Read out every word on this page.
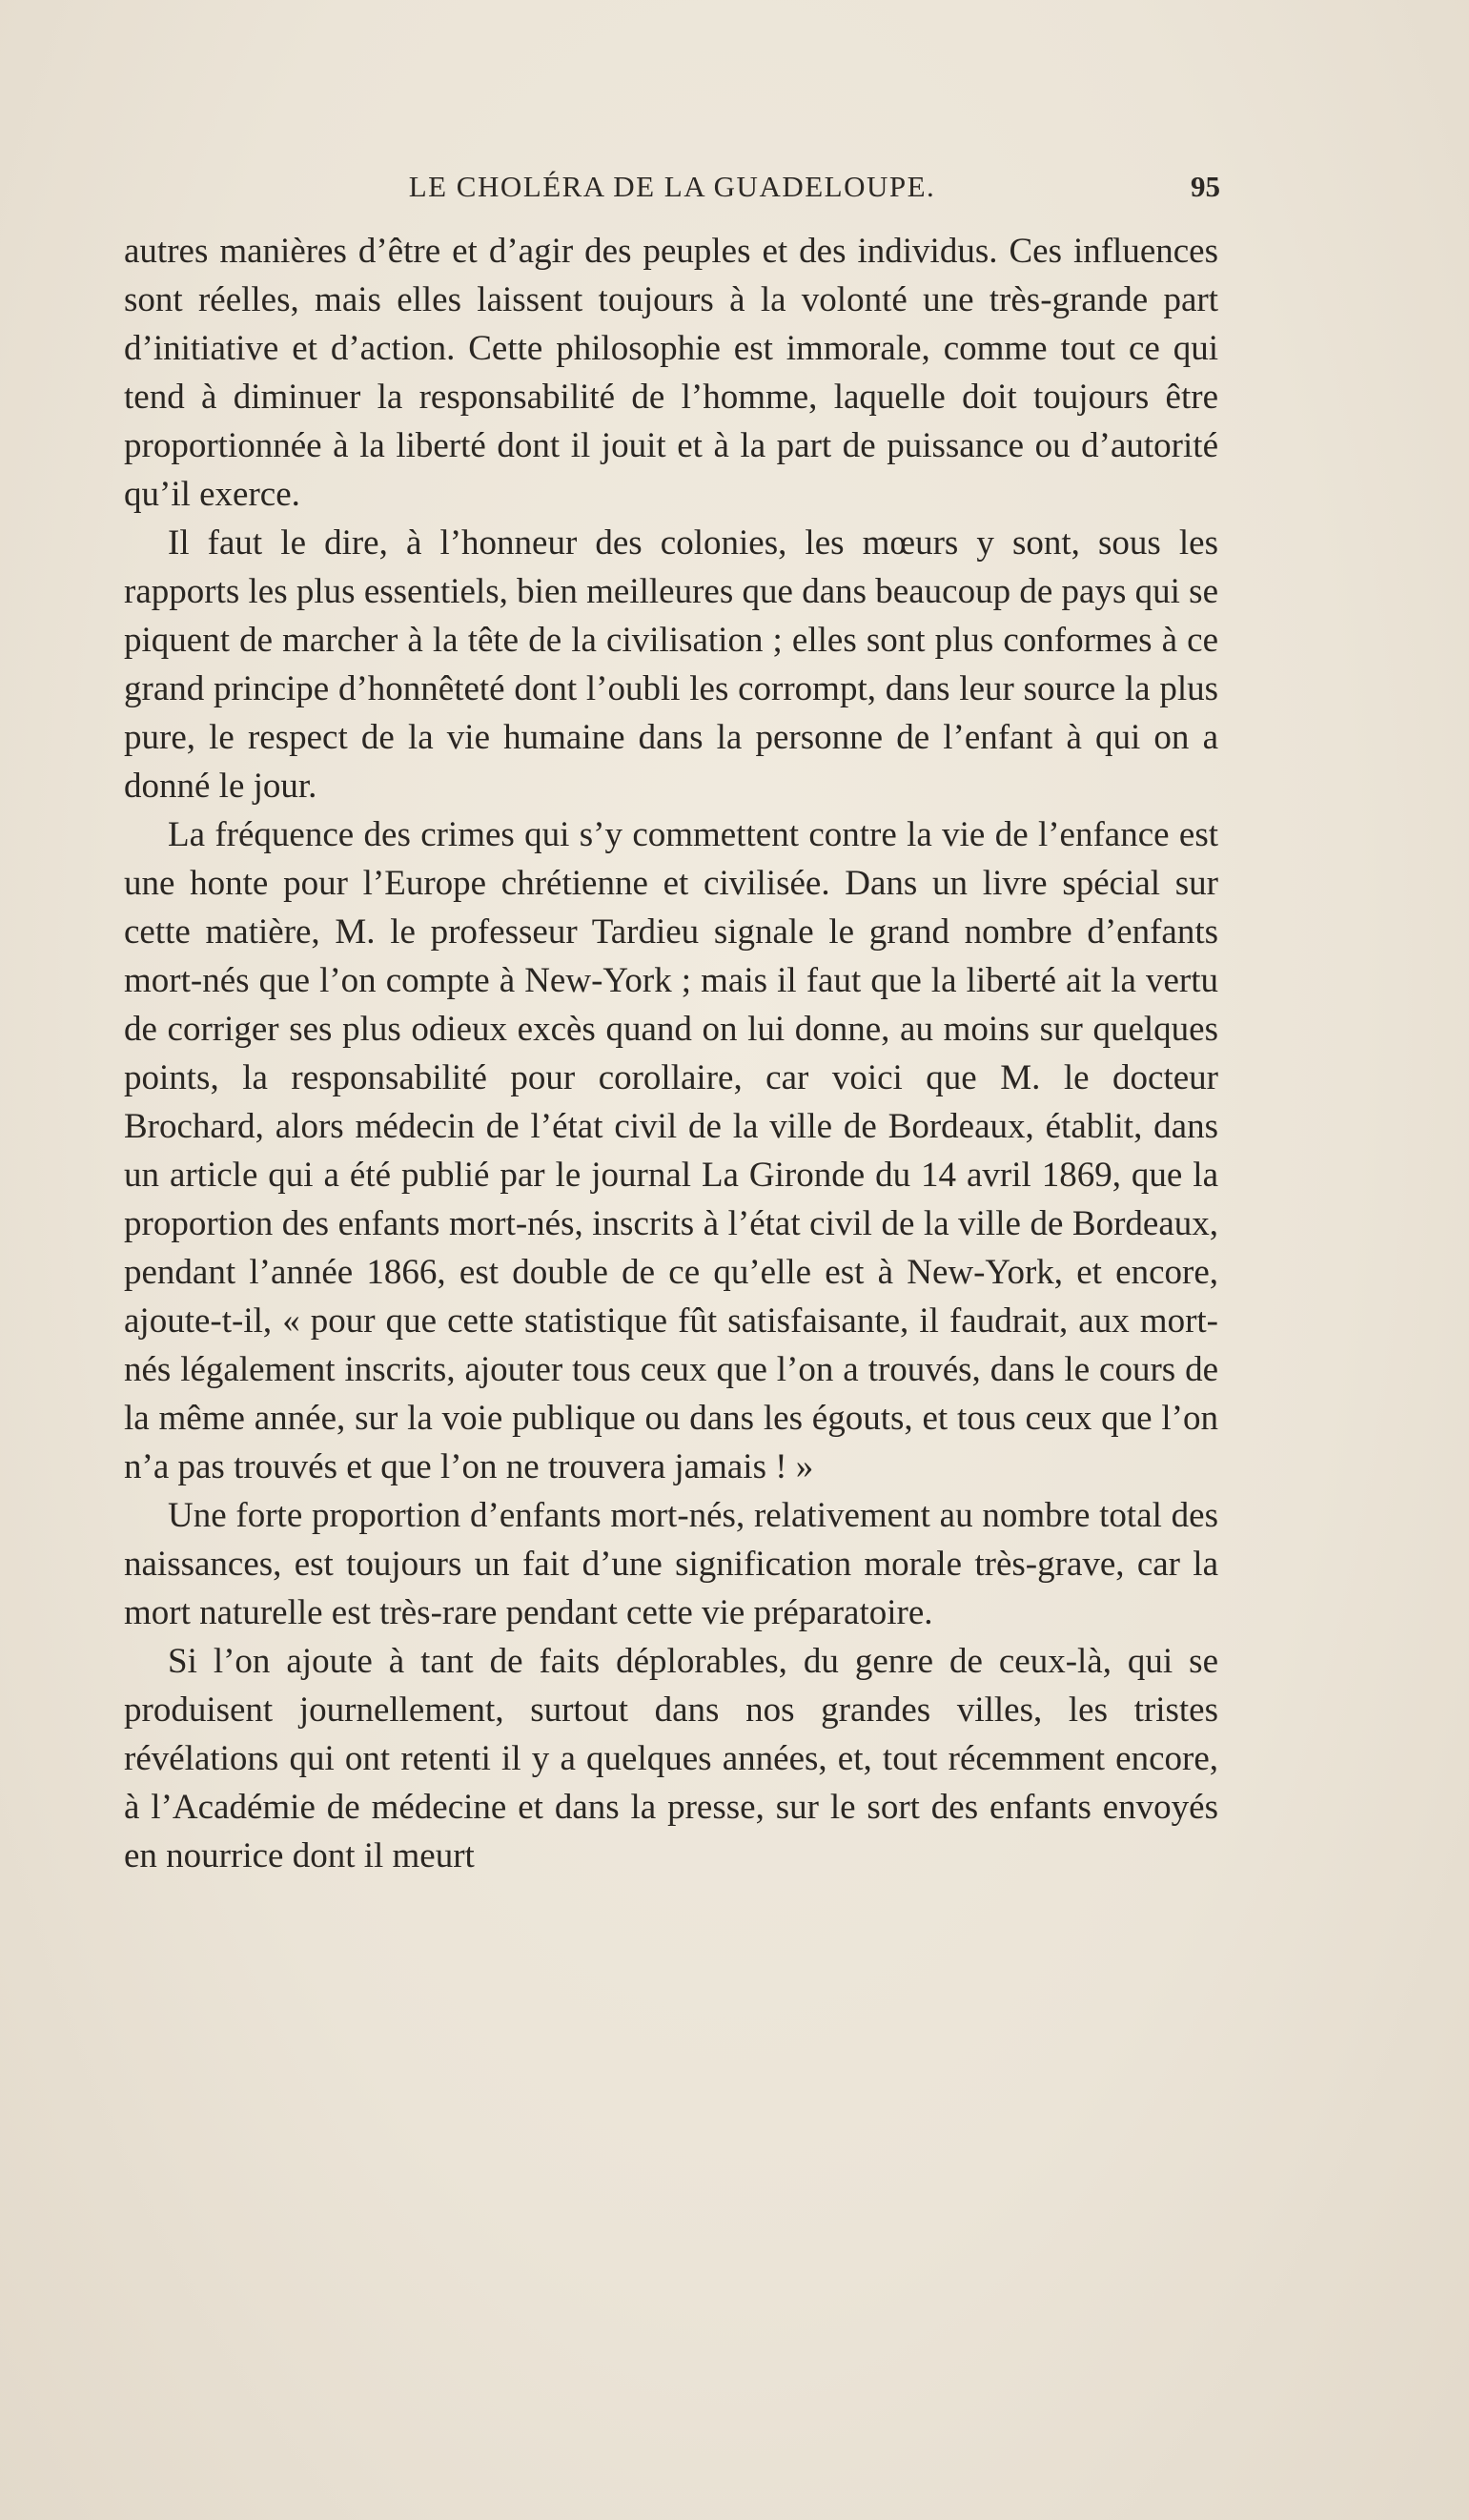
LE CHOLÉRA DE LA GUADELOUPE.	95

autres manières d’être et d’agir des peuples et des individus. Ces influences sont réelles, mais elles laissent toujours à la volonté une très-grande part d’initiative et d’action. Cette philosophie est immorale, comme tout ce qui tend à diminuer la responsabilité de l’homme, laquelle doit toujours être proportionnée à la liberté dont il jouit et à la part de puissance ou d’autorité qu’il exerce.

Il faut le dire, à l’honneur des colonies, les mœurs y sont, sous les rapports les plus essentiels, bien meilleures que dans beaucoup de pays qui se piquent de marcher à la tête de la civilisation ; elles sont plus conformes à ce grand principe d’honnêteté dont l’oubli les corrompt, dans leur source la plus pure, le respect de la vie humaine dans la personne de l’enfant à qui on a donné le jour.

La fréquence des crimes qui s’y commettent contre la vie de l’enfance est une honte pour l’Europe chrétienne et civilisée. Dans un livre spécial sur cette matière, M. le professeur Tardieu signale le grand nombre d’enfants mort-nés que l’on compte à New-York ; mais il faut que la liberté ait la vertu de corriger ses plus odieux excès quand on lui donne, au moins sur quelques points, la responsabilité pour corollaire, car voici que M. le docteur Brochard, alors médecin de l’état civil de la ville de Bordeaux, établit, dans un article qui a été publié par le journal La Gironde du 14 avril 1869, que la proportion des enfants mort-nés, inscrits à l’état civil de la ville de Bordeaux, pendant l’année 1866, est double de ce qu’elle est à New-York, et encore, ajoute-t-il, « pour que cette statistique fût satisfaisante, il faudrait, aux mort-nés légalement inscrits, ajouter tous ceux que l’on a trouvés, dans le cours de la même année, sur la voie publique ou dans les égouts, et tous ceux que l’on n’a pas trouvés et que l’on ne trouvera jamais ! »

Une forte proportion d’enfants mort-nés, relativement au nombre total des naissances, est toujours un fait d’une signification morale très-grave, car la mort naturelle est très-rare pendant cette vie préparatoire.

Si l’on ajoute à tant de faits déplorables, du genre de ceux-là, qui se produisent journellement, surtout dans nos grandes villes, les tristes révélations qui ont retenti il y a quelques années, et, tout récemment encore, à l’Académie de médecine et dans la presse, sur le sort des enfants envoyés en nourrice dont il meurt
